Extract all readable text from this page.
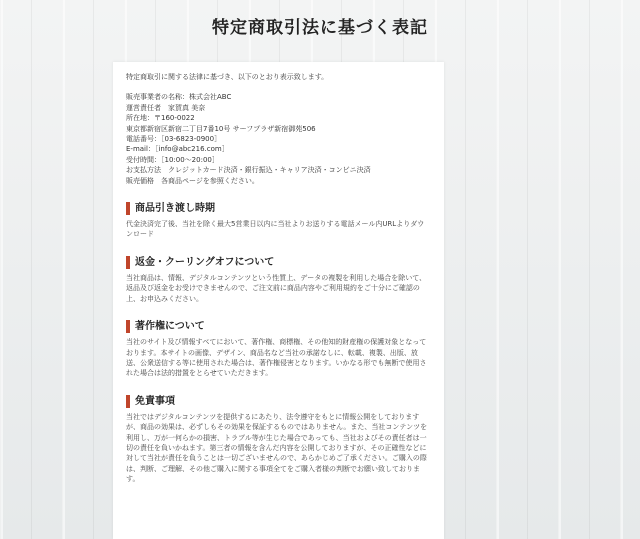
特定商取引法に基づく表記
特定商取引に関する法律に基づき、以下のとおり表示致します。
販売事業者の名称：株式会社ABC
運営責任者　家賀真 美奈
所在地：〒160-0022
東京都新宿区新宿二丁目7番10号 サーフプラザ新宿御苑506
電話番号：［03-6823-0900］
E-mail：［info@abc216.com］
受付時間：［10:00〜20:00］
お支払方法　クレジットカード決済・銀行振込・キャリア決済・コンビニ決済
販売価格　各商品ページを参照ください。
商品引き渡し時期
代金決済完了後、当社を除く最大5営業日以内に当社よりお送りする電話メール内URLよりダウンロード
返金・クーリングオフについて
当社商品は、情報、デジタルコンテンツという性質上、データの複製を利用した場合を除いて、返品及び返金をお受けできませんので、ご注文前に商品内容やご利用規約をご十分にご確認の上、お申込みください。
著作権について
当社のサイト及び情報すべてにおいて、著作権、商標権、その他知的財産権の保護対象となっております。本サイトの画像、デザイン、商品名など当社の承諾なしに、転載、複製、出版、放送、公衆送信する等に使用された場合は、著作権侵害となります。いかなる形でも無断で使用された場合は法的措置をとらせていただきます。
免責事項
当社ではデジタルコンテンツを提供するにあたり、法令遵守をもとに情報公開をしておりますが、商品の効果は、必ずしもその効果を保証するものではありません。また、当社コンテンツを利用し、万が一何らかの損害、トラブル等が生じた場合であっても、当社およびその責任者は一切の責任を負いかねます。第三者の情報を含んだ内容を公開しておりますが、その正確性などに対して当社が責任を負うことは一切ございませんので、あらかじめご了承ください。ご購入の際は、判断、ご理解、その他ご購入に関する事項全てをご購入者様の判断でお願い致しております。
